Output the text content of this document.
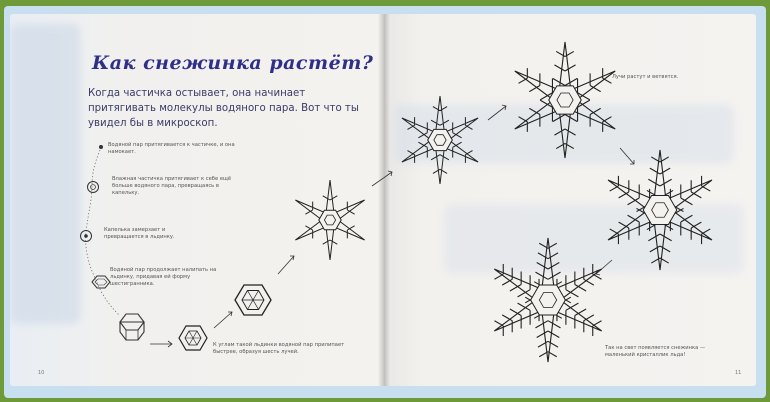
Как снежинка растёт?
Когда частичка остывает, она начинает притягивать молекулы водяного пара. Вот что ты увидел бы в микроскоп.
Водяной пар притягивается к частичке, и она намокает.
Влажная частичка притягивает к себе ещё больше водяного пара, превращаясь в капельку.
Капелька замерзает и превращается в льдинку.
Водяной пар продолжает налипать на льдинку, придавая ей форму шестигранника.
К углам такой льдинки водяной пар прилипает быстрее, образуя шесть лучей.
Лучи растут и ветвятся.
Так на свет появляется снежинка — маленький кристаллик льда!
10	11
